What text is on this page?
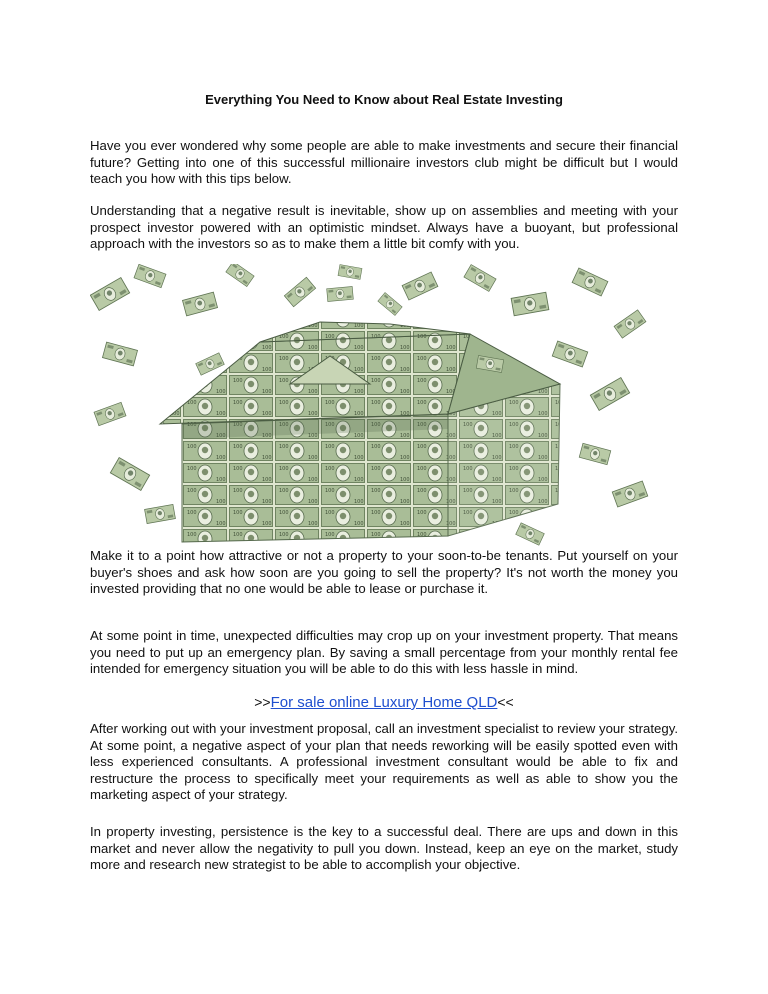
Everything You Need to Know about Real Estate Investing

Have you ever wondered why some people are able to make investments and secure their financial future? Getting into one of this successful millionaire investors club might be difficult but I would teach you how with this tips below.

Understanding that a negative result is inevitable, show up on assemblies and meeting with your prospect investor powered with an optimistic mindset. Always have a buoyant, but professional approach with the investors so as to make them a little bit comfy with you.

Make it to a point how attractive or not a property to your soon-to-be tenants. Put yourself on your buyer's shoes and ask how soon are you going to sell the property? It's not worth the money you invested providing that no one would be able to lease or purchase it.

At some point in time, unexpected difficulties may crop up on your investment property. That means you need to put up an emergency plan. By saving a small percentage from your monthly rental fee intended for emergency situation you will be able to do this with less hassle in mind.

>>For sale online Luxury Home QLD<<

After working out with your investment proposal, call an investment specialist to review your strategy. At some point, a negative aspect of your plan that needs reworking will be easily spotted even with less experienced consultants. A professional investment consultant would be able to fix and restructure the process to specifically meet your requirements as well as able to show you the marketing aspect of your strategy.

In property investing, persistence is the key to a successful deal. There are ups and down in this market and never allow the negativity to pull you down. Instead, keep an eye on the market, study more and research new strategist to be able to accomplish your objective.
